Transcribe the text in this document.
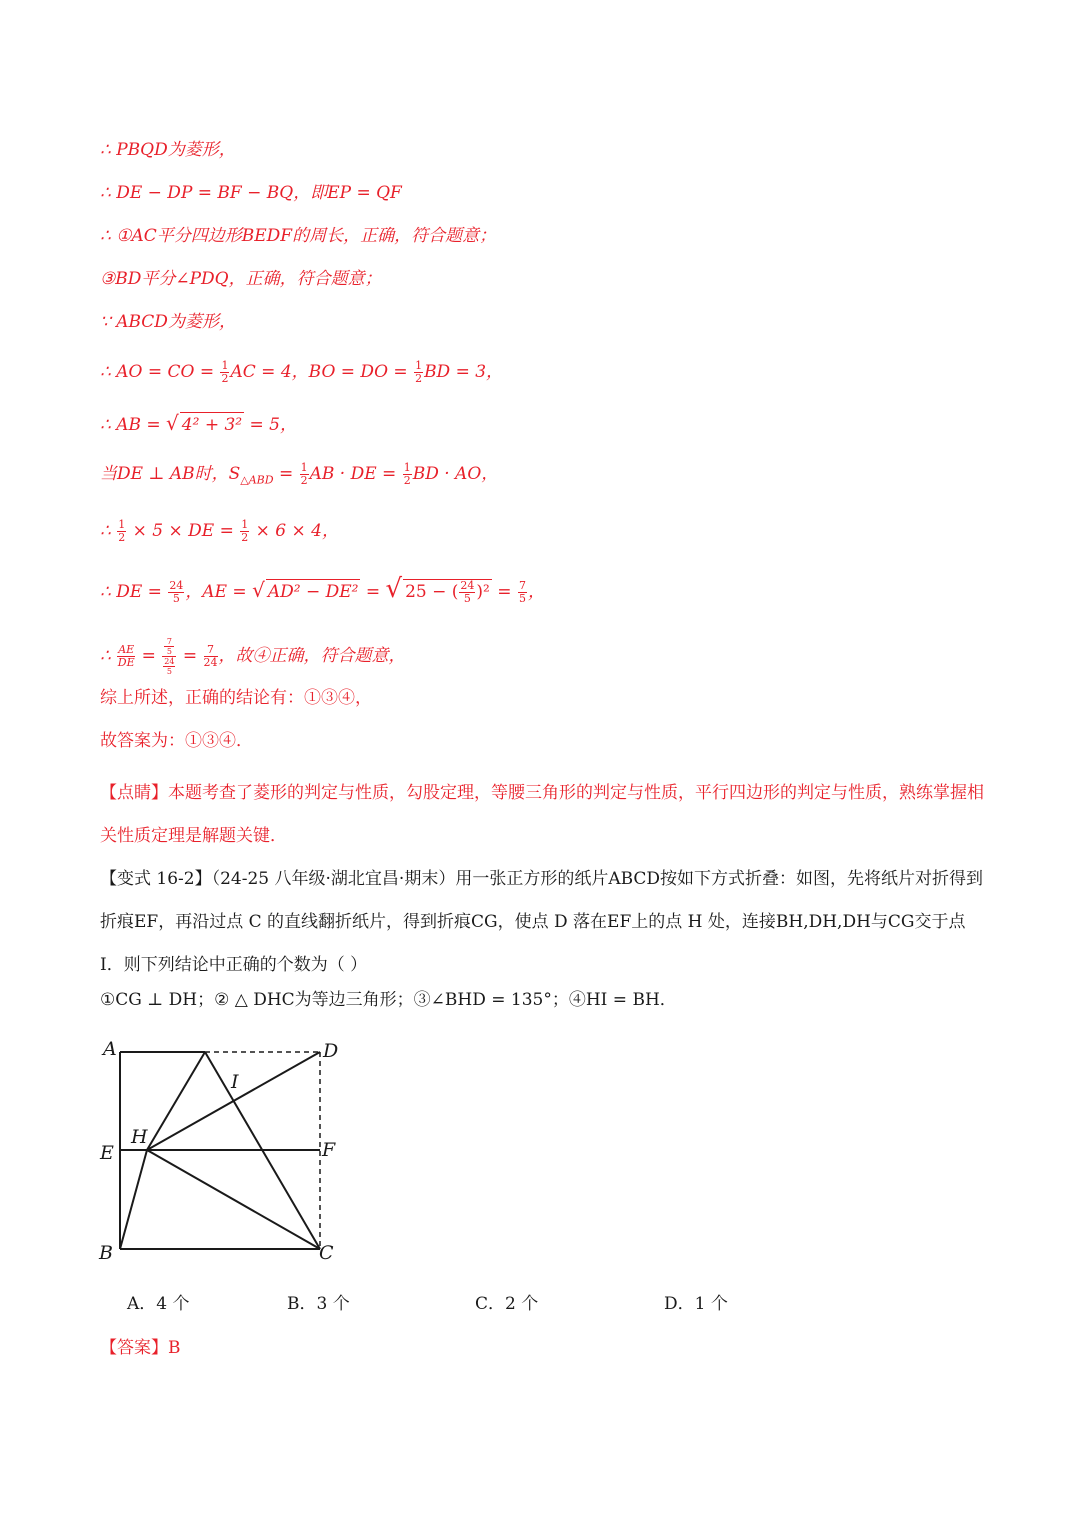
∴ PBQD为菱形，
∴ DE − DP = BF − BQ，即EP = QF
∴ ①AC平分四边形BEDF的周长，正确，符合题意；
③BD平分∠PDQ，正确，符合题意；
∵ ABCD为菱形，
∴ AO = CO = $\frac{1}{2}$ AC = 4，BO = DO = $\frac{1}{2}$ BD = 3，
∴ AB = √ 4² + 3² = 5，
当DE ⊥ AB时，$S_{\triangle ABD} = \frac{1}{2}$ AB · DE = $\frac{1}{2}$ BD · AO，
∴ $\frac{1}{2} \times 5$ × DE = $\frac{1}{2} \times 6 \times 4$，
∴ DE = $\frac{24}{5}$ ，AE = √ AD² − DE² = √ 25 − ( $\frac{24}{5} )^2 = \frac{7}{5}$ ，
∴ $\frac{AE}{DE} = 7$
5
24
$5 = \frac{7}{24}$ ，故④正确，符合题意，
综上所述，正确的结论有：①③④，
故答案为：①③④．
【点睛】本题考查了菱形的判定与性质，勾股定理，等腰三角形的判定与性质，平行四边形的判定与性质，熟练掌握相关性质定理是解题关键．
【变式 16-2】（24-25 八年级·湖北宜昌·期末）用一张正方形的纸片ABCD按如下方式折叠：如图，先将纸片对折得到折痕EF，再沿过点 C 的直线翻折纸片，得到折痕CG，使点 D 落在EF上的点 H 处，连接BH,DH,DH与CG交于点 I．则下列结论中正确的个数为（ ）
①CG ⊥ DH；② △ DHC为等边三角形；③∠BHD = 135°；④HI = BH．
A	D
E	F
H
I
B	C
A．4 个	B．3 个	C．2 个	D．1 个
【答案】B
